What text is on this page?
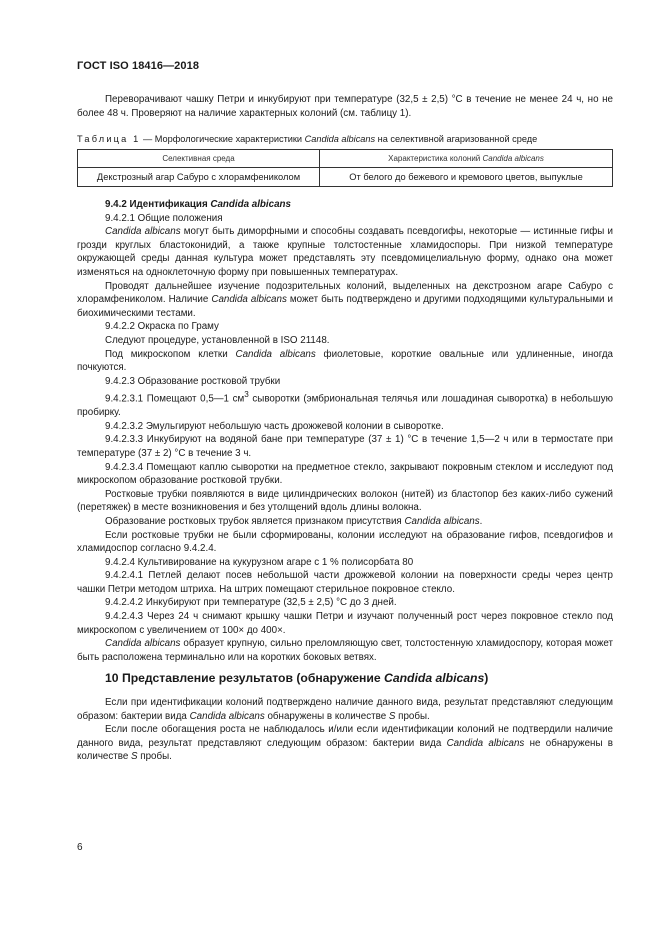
ГОСТ ISO 18416—2018

Переворачивают чашку Петри и инкубируют при температуре (32,5 ± 2,5) °С в течение не менее 24 ч, но не более 48 ч. Проверяют на наличие характерных колоний (см. таблицу 1).

Таблица 1 — Морфологические характеристики Candida albicans на селективной агаризованной среде
Селективная среда	Характеристика колоний Candida albicans
Декстрозный агар Сабуро с хлорамфениколом	От белого до бежевого и кремового цветов, выпуклые

9.4.2 Идентификация Candida albicans

9.4.2.1 Общие положения

Candida albicans могут быть диморфными и способны создавать псевдогифы, некоторые — истинные гифы и грозди круглых бластоконидий, а также крупные толстостенные хламидоспоры. При низкой температуре окружающей среды данная культура может представлять эту псевдомицелиальную форму, однако она может изменяться на одноклеточную форму при повышенных температурах.

Проводят дальнейшее изучение подозрительных колоний, выделенных на декстрозном агаре Сабуро с хлорамфениколом. Наличие Candida albicans может быть подтверждено и другими подходящими культуральными и биохимическими тестами.

9.4.2.2 Окраска по Граму

Следуют процедуре, установленной в ISO 21148.

Под микроскопом клетки Candida albicans фиолетовые, короткие овальные или удлиненные, иногда почкуются.

9.4.2.3 Образование ростковой трубки

9.4.2.3.1 Помещают 0,5—1 $см^3$ сыворотки (эмбриональная телячья или лошадиная сыворотка) в небольшую пробирку.

9.4.2.3.2 Эмульгируют небольшую часть дрожжевой колонии в сыворотке.

9.4.2.3.3 Инкубируют на водяной бане при температуре (37 ± 1) °С в течение 1,5—2 ч или в термостате при температуре (37 ± 2) °С в течение 3 ч.

9.4.2.3.4 Помещают каплю сыворотки на предметное стекло, закрывают покровным стеклом и исследуют под микроскопом образование ростковой трубки.

Ростковые трубки появляются в виде цилиндрических волокон (нитей) из бластопор без каких-либо сужений (перетяжек) в месте возникновения и без утолщений вдоль длины волокна.

Образование ростковых трубок является признаком присутствия Candida albicans.

Если ростковые трубки не были сформированы, колонии исследуют на образование гифов, псевдогифов и хламидоспор согласно 9.4.2.4.

9.4.2.4 Культивирование на кукурузном агаре с 1 % полисорбата 80

9.4.2.4.1 Петлей делают посев небольшой части дрожжевой колонии на поверхности среды через центр чашки Петри методом штриха. На штрих помещают стерильное покровное стекло.

9.4.2.4.2 Инкубируют при температуре (32,5 ± 2,5) °С до 3 дней.

9.4.2.4.3 Через 24 ч снимают крышку чашки Петри и изучают полученный рост через покровное стекло под микроскопом с увеличением от 100× до 400×.

Candida albicans образует крупную, сильно преломляющую свет, толстостенную хламидоспору, которая может быть расположена терминально или на коротких боковых ветвях.

10 Представление результатов (обнаружение Candida albicans)

Если при идентификации колоний подтверждено наличие данного вида, результат представляют следующим образом: бактерии вида Candida albicans обнаружены в количестве S пробы.

Если после обогащения роста не наблюдалось и/или если идентификации колоний не подтвердили наличие данного вида, результат представляют следующим образом: бактерии вида Candida albicans не обнаружены в количестве S пробы.

6
